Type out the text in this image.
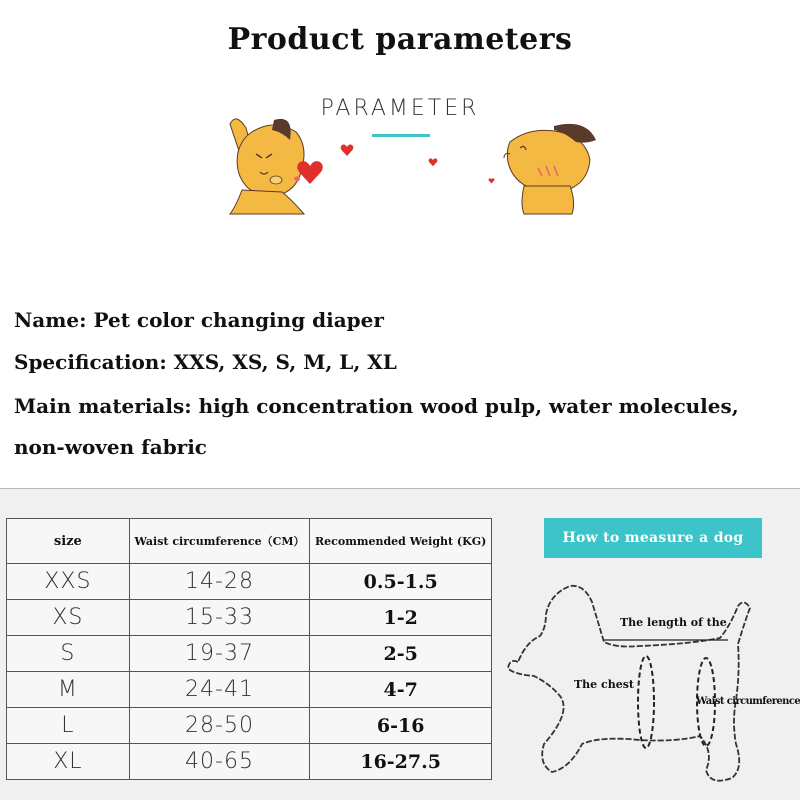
Product parameters
PARAMETER
Name: Pet color changing diaper
Specification: XXS, XS, S, M, L, XL
Main materials: high concentration wood pulp, water molecules,
non-woven fabric
size	Waist circumference（CM）	Recommended Weight (KG)
XXS	14-28	0.5-1.5
XS	15-33	1-2
S	19-37	2-5
M	24-41	4-7
L	28-50	6-16
XL	40-65	16-27.5
How to measure a dog
The length of the
The chest
Waist circumference
